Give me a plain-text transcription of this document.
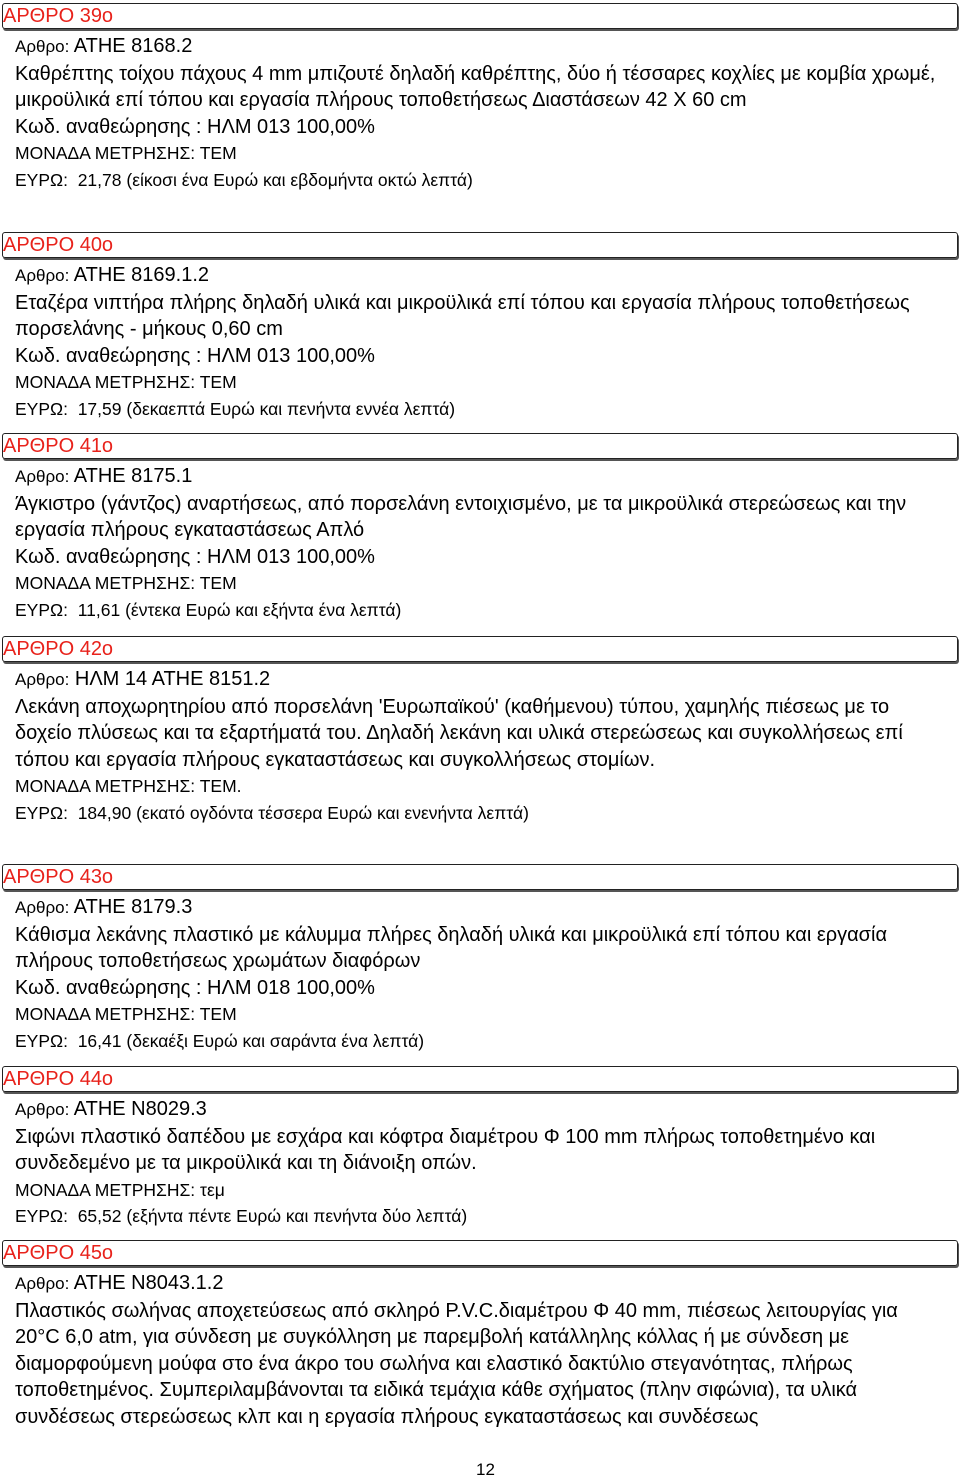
ΑΡΘΡΟ 39ο
Αρθρο: ΑΤΗΕ 8168.2
Καθρέπτης τοίχου πάχους 4 mm μπιζουτέ δηλαδή καθρέπτης, δύο ή τέσσαρες κοχλίες με κομβία χρωμέ, μικροϋλικά επί τόπου και εργασία πλήρους τοποθετήσεως Διαστάσεων 42 Χ 60 cm
Κωδ. αναθεώρησης : ΗΛΜ 013 100,00%
ΜΟΝΑΔΑ ΜΕΤΡΗΣΗΣ: ΤΕΜ
ΕΥΡΩ: 21,78 (είκοσι ένα Ευρώ και εβδομήντα οκτώ λεπτά)
ΑΡΘΡΟ 40ο
Αρθρο: ΑΤΗΕ 8169.1.2
Εταζέρα νιπτήρα πλήρης δηλαδή υλικά και μικροϋλικά επί τόπου και εργασία πλήρους τοποθετήσεως πορσελάνης - μήκους 0,60 cm
Κωδ. αναθεώρησης : ΗΛΜ 013 100,00%
ΜΟΝΑΔΑ ΜΕΤΡΗΣΗΣ: ΤΕΜ
ΕΥΡΩ: 17,59 (δεκαεπτά Ευρώ και πενήντα εννέα λεπτά)
ΑΡΘΡΟ 41ο
Αρθρο: ΑΤΗΕ 8175.1
Άγκιστρο (γάντζος) αναρτήσεως, από πορσελάνη εντοιχισμένο, με τα μικροϋλικά στερεώσεως και την εργασία πλήρους εγκαταστάσεως Απλό
Κωδ. αναθεώρησης : ΗΛΜ 013 100,00%
ΜΟΝΑΔΑ ΜΕΤΡΗΣΗΣ: ΤΕΜ
ΕΥΡΩ: 11,61 (έντεκα Ευρώ και εξήντα ένα λεπτά)
ΑΡΘΡΟ 42ο
Αρθρο: ΗΛΜ 14 ΑΤΗΕ 8151.2
Λεκάνη αποχωρητηρίου από πορσελάνη 'Ευρωπαϊκού' (καθήμενου) τύπου, χαμηλής πιέσεως με το δοχείο πλύσεως και τα εξαρτήματά του. Δηλαδή λεκάνη και υλικά στερεώσεως και συγκολλήσεως επί τόπου και εργασία πλήρους εγκαταστάσεως και συγκολλήσεως στομίων.
ΜΟΝΑΔΑ ΜΕΤΡΗΣΗΣ: ΤΕΜ.
ΕΥΡΩ: 184,90 (εκατό ογδόντα τέσσερα Ευρώ και ενενήντα λεπτά)
ΑΡΘΡΟ 43ο
Αρθρο: ΑΤΗΕ 8179.3
Κάθισμα λεκάνης πλαστικό με κάλυμμα πλήρες δηλαδή υλικά και μικροϋλικά επί τόπου και εργασία πλήρους τοποθετήσεως χρωμάτων διαφόρων
Κωδ. αναθεώρησης : ΗΛΜ 018 100,00%
ΜΟΝΑΔΑ ΜΕΤΡΗΣΗΣ: ΤΕΜ
ΕΥΡΩ: 16,41 (δεκαέξι Ευρώ και σαράντα ένα λεπτά)
ΑΡΘΡΟ 44ο
Αρθρο: ΑΤΗΕ Ν8029.3
Σιφώνι πλαστικό δαπέδου με εσχάρα και κόφτρα διαμέτρου Φ 100 mm πλήρως τοποθετημένο και συνδεδεμένο με τα μικροϋλικά και τη διάνοιξη οπών.
ΜΟΝΑΔΑ ΜΕΤΡΗΣΗΣ: τεμ
ΕΥΡΩ: 65,52 (εξήντα πέντε Ευρώ και πενήντα δύο λεπτά)
ΑΡΘΡΟ 45ο
Αρθρο: ΑΤΗΕ Ν8043.1.2
Πλαστικός σωλήνας αποχετεύσεως από σκληρό P.V.C.διαμέτρου Φ 40 mm, πιέσεως λειτουργίας για 20°C 6,0 atm, για σύνδεση με συγκόλληση με παρεμβολή κατάλληλης κόλλας ή με σύνδεση με διαμορφούμενη μούφα στο ένα άκρο του σωλήνα και ελαστικό δακτύλιο στεγανότητας, πλήρως τοποθετημένος. Συμπεριλαμβάνονται τα ειδικά τεμάχια κάθε σχήματος (πλην σιφώνια), τα υλικά συνδέσεως στερεώσεως κλπ και η εργασία πλήρους εγκαταστάσεως και συνδέσεως
12
